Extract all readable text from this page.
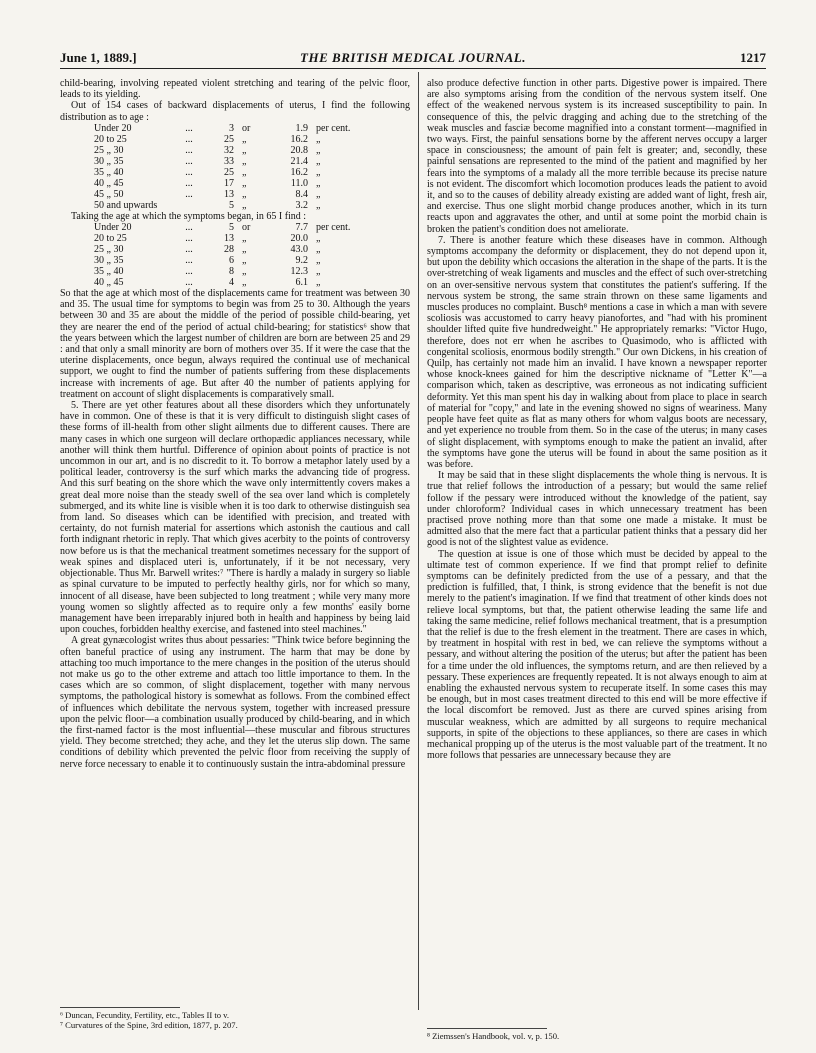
June 1, 1889.]	THE BRITISH MEDICAL JOURNAL.	1217

child-bearing, involving repeated violent stretching and tearing of the pelvic floor, leads to its yielding.

Out of 154 cases of backward displacements of uterus, I find the following distribution as to age :

Under 20	...	3	or	1.9	per cent.
20 to 25	...	25	„	16.2	„
25 „ 30	...	32	„	20.8	„
30 „ 35	...	33	„	21.4	„
35 „ 40	...	25	„	16.2	„
40 „ 45	...	17	„	11.0	„
45 „ 50	...	13	„	8.4	„
50 and upwards		5	„	3.2	„

Taking the age at which the symptoms began, in 65 I find :

Under 20	...	5	or	7.7	per cent.
20 to 25	...	13	„	20.0	„
25 „ 30	...	28	„	43.0	„
30 „ 35	...	6	„	9.2	„
35 „ 40	...	8	„	12.3	„
40 „ 45	...	4	„	6.1	„

So that the age at which most of the displacements came for treatment was between 30 and 35. The usual time for symptoms to begin was from 25 to 30. Although the years between 30 and 35 are about the middle of the period of possible child-bearing, yet they are nearer the end of the period of actual child-bearing; for statistics⁶ show that the years between which the largest number of children are born are between 25 and 29 : and that only a small minority are born of mothers over 35. If it were the case that the uterine displacements, once begun, always required the continual use of mechanical support, we ought to find the number of patients suffering from these displacements increase with increments of age. But after 40 the number of patients applying for treatment on account of slight displacements is comparatively small.

5. There are yet other features about all these disorders which they unfortunately have in common. One of these is that it is very difficult to distinguish slight cases of these forms of ill-health from other slight ailments due to different causes. There are many cases in which one surgeon will declare orthopædic appliances necessary, while another will think them hurtful. Difference of opinion about points of practice is not uncommon in our art, and is no discredit to it. To borrow a metaphor lately used by a political leader, controversy is the surf which marks the advancing tide of progress. And this surf beating on the shore which the wave only intermittently covers makes a great deal more noise than the steady swell of the sea over land which is completely submerged, and its white line is visible when it is too dark to otherwise distinguish sea from land. So diseases which can be identified with precision, and treated with certainty, do not furnish material for assertions which astonish the cautious and call forth indignant rhetoric in reply. That which gives acerbity to the points of controversy now before us is that the mechanical treatment sometimes necessary for the support of weak spines and displaced uteri is, unfortunately, if it be not necessary, very objectionable. Thus Mr. Barwell writes:⁷ "There is hardly a malady in surgery so liable as spinal curvature to be imputed to perfectly healthy girls, nor for which so many, innocent of all disease, have been subjected to long treatment ; while very many more young women so slightly affected as to require only a few months' easily borne management have been irreparably injured both in health and happiness by being laid upon couches, forbidden healthy exercise, and fastened into steel machines."

A great gynæcologist writes thus about pessaries: "Think twice before beginning the often baneful practice of using any instrument. The harm that may be done by attaching too much importance to the mere changes in the position of the uterus should not make us go to the other extreme and attach too little importance to them. In the cases which are so common, of slight displacement, together with many nervous symptoms, the pathological history is somewhat as follows. From the combined effect of influences which debilitate the nervous system, together with increased pressure upon the pelvic floor—a combination usually produced by child-bearing, and in which the first-named factor is the most influential—these muscular and fibrous structures yield. They become stretched; they ache, and they let the uterus slip down. The same conditions of debility which prevented the pelvic floor from receiving the supply of nerve force necessary to enable it to continuously sustain the intra-abdominal pressure

also produce defective function in other parts. Digestive power is impaired. There are also symptoms arising from the condition of the nervous system itself. One effect of the weakened nervous system is its increased susceptibility to pain. In consequence of this, the pelvic dragging and aching due to the stretching of the weak muscles and fasciæ become magnified into a constant torment—magnified in two ways. First, the painful sensations borne by the afferent nerves occupy a larger space in consciousness; the amount of pain felt is greater; and, secondly, these painful sensations are represented to the mind of the patient and magnified by her fears into the symptoms of a malady all the more terrible because its precise nature is not evident. The discomfort which locomotion produces leads the patient to avoid it, and so to the causes of debility already existing are added want of light, fresh air, and exercise. Thus one slight morbid change produces another, which in its turn reacts upon and aggravates the other, and until at some point the morbid chain is broken the patient's condition does not ameliorate.

7. There is another feature which these diseases have in common. Although symptoms accompany the deformity or displacement, they do not depend upon it, but upon the debility which occasions the alteration in the shape of the parts. It is the over-stretching of weak ligaments and muscles and the effect of such over-stretching on an over-sensitive nervous system that constitutes the patient's suffering. If the nervous system be strong, the same strain thrown on these same ligaments and muscles produces no complaint. Busch⁸ mentions a case in which a man with severe scoliosis was accustomed to carry heavy pianofortes, and "had with his prominent shoulder lifted quite five hundredweight." He appropriately remarks: "Victor Hugo, therefore, does not err when he ascribes to Quasimodo, who is afflicted with congenital scoliosis, enormous bodily strength." Our own Dickens, in his creation of Quilp, has certainly not made him an invalid. I have known a newspaper reporter whose knock-knees gained for him the descriptive nickname of "Letter K"—a comparison which, taken as descriptive, was erroneous as not indicating sufficient deformity. Yet this man spent his day in walking about from place to place in search of material for "copy," and late in the evening showed no signs of weariness. Many people have feet quite as flat as many others for whom valgus boots are necessary, and yet experience no trouble from them. So in the case of the uterus; in many cases of slight displacement, with symptoms enough to make the patient an invalid, after the symptoms have gone the uterus will be found in about the same position as it was before.

It may be said that in these slight displacements the whole thing is nervous. It is true that relief follows the introduction of a pessary; but would the same relief follow if the pessary were introduced without the knowledge of the patient, say under chloroform? Individual cases in which unnecessary treatment has been practised prove nothing more than that some one made a mistake. It must be admitted also that the mere fact that a particular patient thinks that a pessary did her good is not of the slightest value as evidence.

The question at issue is one of those which must be decided by appeal to the ultimate test of common experience. If we find that prompt relief to definite symptoms can be definitely predicted from the use of a pessary, and that the prediction is fulfilled, that, I think, is strong evidence that the benefit is not due merely to the patient's imagination. If we find that treatment of other kinds does not relieve local symptoms, but that, the patient otherwise leading the same life and taking the same medicine, relief follows mechanical treatment, that is a presumption that the relief is due to the fresh element in the treatment. There are cases in which, by treatment in hospital with rest in bed, we can relieve the symptoms without a pessary, and without altering the position of the uterus; but after the patient has been for a time under the old influences, the symptoms return, and are then relieved by a pessary. These experiences are frequently repeated. It is not always enough to aim at enabling the exhausted nervous system to recuperate itself. In some cases this may be enough, but in most cases treatment directed to this end will be more effective if the local discomfort be removed. Just as there are curved spines arising from muscular weakness, which are admitted by all surgeons to require mechanical supports, in spite of the objections to these appliances, so there are cases in which mechanical propping up of the uterus is the most valuable part of the treatment. It no more follows that pessaries are unnecessary because they are

⁶ Duncan, Fecundity, Fertility, etc., Tables II to v.
⁷ Curvatures of the Spine, 3rd edition, 1877, p. 207.
⁸ Ziemssen's Handbook, vol. v, p. 150.
